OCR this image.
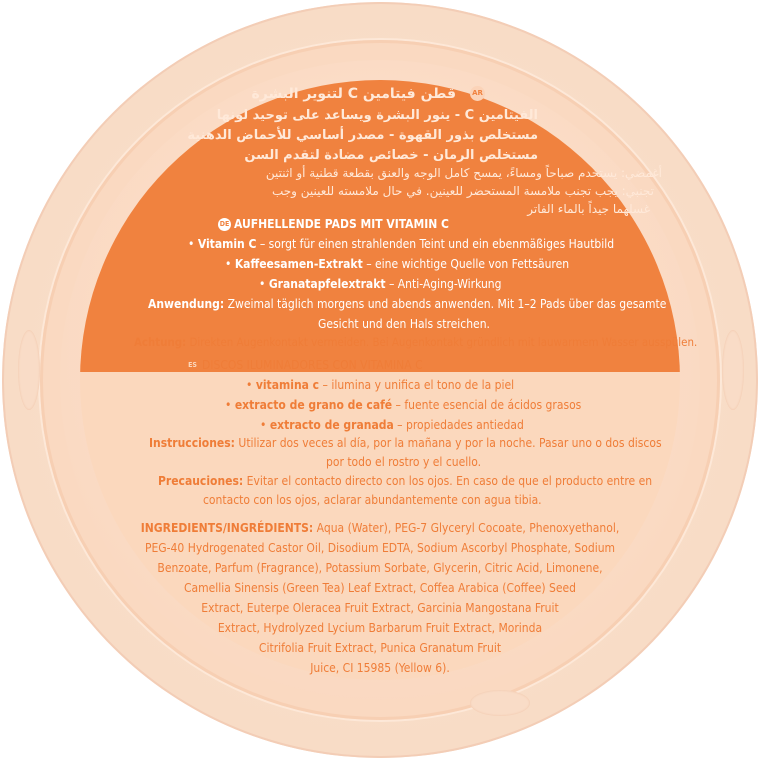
AR
قطن فيتامين C لتنوير البشرة
الفيتامين C - ينور البشرة ويساعد على توحيد لونها
مستخلص بذور القهوة - مصدر أساسي للأحماض الدهنية
مستخلص الرمان - خصائص مضادة لتقدم السن
أغمضي: يستخدم صباحاً ومساءً، يمسح كامل الوجه والعنق بقطعة قطنية أو اثنتين
تجنبي: يجب تجنب ملامسة المستحضر للعينين. في حال ملامسته للعينين وجب
غسلهما جيداً بالماء الفاتر
DE AUFHELLENDE PADS MIT VITAMIN C
• Vitamin C – sorgt für einen strahlenden Teint und ein ebenmäßiges Hautbild
• Kaffeesamen-Extrakt – eine wichtige Quelle von Fettsäuren
• Granatapfelextrakt – Anti-Aging-Wirkung
Anwendung: Zweimal täglich morgens und abends anwenden. Mit 1–2 Pads über das gesamte
Gesicht und den Hals streichen.
Achtung: Direkten Augenkontakt vermeiden. Bei Augenkontakt gründlich mit lauwarmem Wasser ausspülen.
ES DISCOS ILUMINADORES CON VITAMINA C
• vitamina c – ilumina y unifica el tono de la piel
• extracto de grano de café – fuente esencial de ácidos grasos
• extracto de granada – propiedades antiedad
Instrucciones: Utilizar dos veces al día, por la mañana y por la noche. Pasar uno o dos discos
por todo el rostro y el cuello.
Precauciones: Evitar el contacto directo con los ojos. En caso de que el producto entre en
contacto con los ojos, aclarar abundantemente con agua tibia.
INGREDIENTS/INGRÉDIENTS: Aqua (Water), PEG-7 Glyceryl Cocoate, Phenoxyethanol,
PEG-40 Hydrogenated Castor Oil, Disodium EDTA, Sodium Ascorbyl Phosphate, Sodium
Benzoate, Parfum (Fragrance), Potassium Sorbate, Glycerin, Citric Acid, Limonene,
Camellia Sinensis (Green Tea) Leaf Extract, Coffea Arabica (Coffee) Seed
Extract, Euterpe Oleracea Fruit Extract, Garcinia Mangostana Fruit
Extract, Hydrolyzed Lycium Barbarum Fruit Extract, Morinda
Citrifolia Fruit Extract, Punica Granatum Fruit
Juice, CI 15985 (Yellow 6).
